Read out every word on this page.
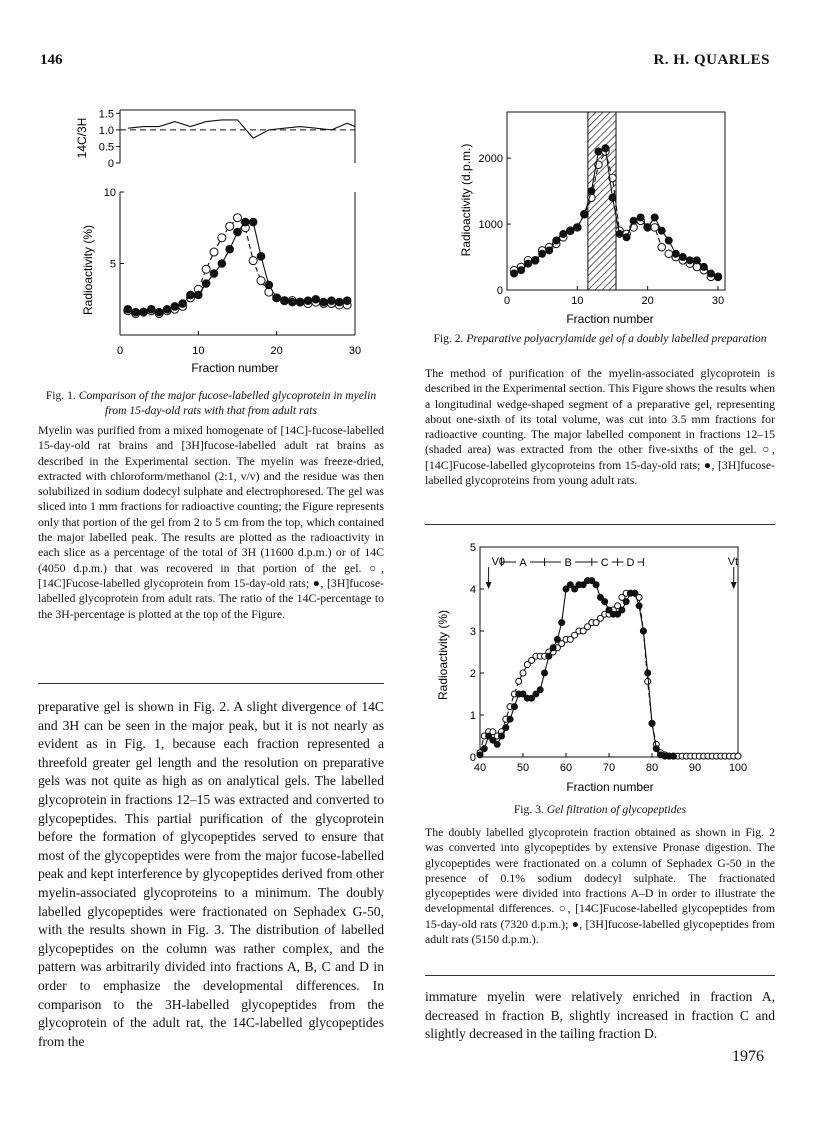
146	R. H. QUARLES
0
0.5
1.0
1.5
14C/3H
5
10
0	10	20	30
Radioactivity (%)
Fraction number
Fig. 1. Comparison of the major fucose-labelled glycoprotein in myelin from 15-day-old rats with that from adult rats
Myelin was purified from a mixed homogenate of [14C]-fucose-labelled 15-day-old rat brains and [3H]fucose-labelled adult rat brains as described in the Experimental section. The myelin was freeze-dried, extracted with chloroform/methanol (2:1, v/v) and the residue was then solubilized in sodium dodecyl sulphate and electrophoresed. The gel was sliced into 1 mm fractions for radioactive counting; the Figure represents only that portion of the gel from 2 to 5 cm from the top, which contained the major labelled peak. The results are plotted as the radioactivity in each slice as a percentage of the total of 3H (11600 d.p.m.) or of 14C (4050 d.p.m.) that was recovered in that portion of the gel. ○, [14C]Fucose-labelled glycoprotein from 15-day-old rats; ●, [3H]fucose-labelled glycoprotein from adult rats. The ratio of the 14C-percentage to the 3H-percentage is plotted at the top of the Figure.
preparative gel is shown in Fig. 2. A slight divergence of 14C and 3H can be seen in the major peak, but it is not nearly as evident as in Fig. 1, because each fraction represented a threefold greater gel length and the resolution on preparative gels was not quite as high as on analytical gels. The labelled glycoprotein in fractions 12–15 was extracted and converted to glycopeptides. This partial purification of the glycoprotein before the formation of glycopeptides served to ensure that most of the glycopeptides were from the major fucose-labelled peak and kept interference by glycopeptides derived from other myelin-associated glycoproteins to a minimum. The doubly labelled glycopeptides were fractionated on Sephadex G-50, with the results shown in Fig. 3. The distribution of labelled glycopeptides on the column was rather complex, and the pattern was arbitrarily divided into fractions A, B, C and D in order to emphasize the developmental differences. In comparison to the 3H-labelled glycopeptides from the glycoprotein of the adult rat, the 14C-labelled glycopeptides from the
0
1000
2000
0	10	20	30
Radioactivity (d.p.m.)
Fraction number
Fig. 2. Preparative polyacrylamide gel of a doubly labelled preparation
The method of purification of the myelin-associated glycoprotein is described in the Experimental section. This Figure shows the results when a longitudinal wedge-shaped segment of a preparative gel, representing about one-sixth of its total volume, was cut into 3.5 mm fractions for radioactive counting. The major labelled component in fractions 12–15 (shaded area) was extracted from the other five-sixths of the gel. ○, [14C]Fucose-labelled glycoproteins from 15-day-old rats; ●, [3H]fucose-labelled glycoproteins from young adult rats.
0
1
2
3
4
5
40	50	60	70	80	90	100
Radioactivity (%)
V0	Vt
A	B	C D
Fraction number
Fig. 3. Gel filtration of glycopeptides
The doubly labelled glycoprotein fraction obtained as shown in Fig. 2 was converted into glycopeptides by extensive Pronase digestion. The glycopeptides were fractionated on a column of Sephadex G-50 in the presence of 0.1% sodium dodecyl sulphate. The fractionated glycopeptides were divided into fractions A–D in order to illustrate the developmental differences. ○, [14C]Fucose-labelled glycopeptides from 15-day-old rats (7320 d.p.m.); ●, [3H]fucose-labelled glycopeptides from adult rats (5150 d.p.m.).
immature myelin were relatively enriched in fraction A, decreased in fraction B, slightly increased in fraction C and slightly decreased in the tailing fraction D.
1976
